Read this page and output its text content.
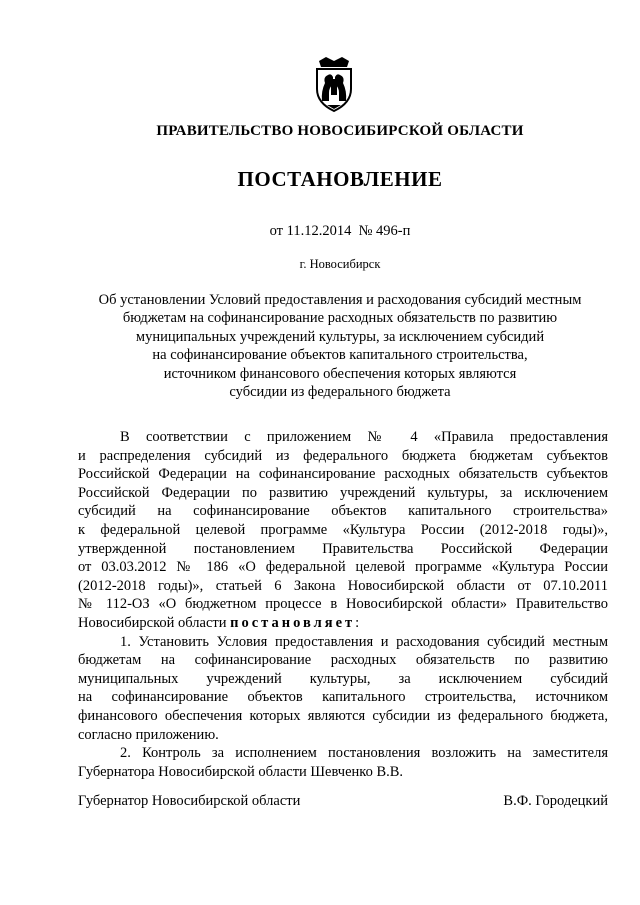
ПРАВИТЕЛЬСТВО НОВОСИБИРСКОЙ ОБЛАСТИ
ПОСТАНОВЛЕНИЕ
от 11.12.2014  № 496-п
г. Новосибирск
Об установлении Условий предоставления и расходования субсидий местным
бюджетам на софинансирование расходных обязательств по развитию
муниципальных учреждений культуры, за исключением субсидий
на софинансирование объектов капитального строительства,
источником финансового обеспечения которых являются
субсидии из федерального бюджета
В соответствии с приложением № 4 «Правила предоставления
и распределения субсидий из федерального бюджета бюджетам субъектов
Российской Федерации на софинансирование расходных обязательств субъектов
Российской Федерации по развитию учреждений культуры, за исключением
субсидий на софинансирование объектов капитального строительства»
к федеральной целевой программе «Культура России (2012-2018 годы)»,
утвержденной постановлением Правительства Российской Федерации
от 03.03.2012 № 186 «О федеральной целевой программе «Культура России
(2012-2018 годы)», статьей 6 Закона Новосибирской области от 07.10.2011
№ 112-ОЗ «О бюджетном процессе в Новосибирской области» Правительство
Новосибирской области постановляет:
1. Установить Условия предоставления и расходования субсидий местным
бюджетам на софинансирование расходных обязательств по развитию
муниципальных учреждений культуры, за исключением субсидий
на софинансирование объектов капитального строительства, источником
финансового обеспечения которых являются субсидии из федерального бюджета,
согласно приложению.
2. Контроль за исполнением постановления возложить на заместителя
Губернатора Новосибирской области Шевченко В.В.
Губернатор Новосибирской области	В.Ф. Городецкий
